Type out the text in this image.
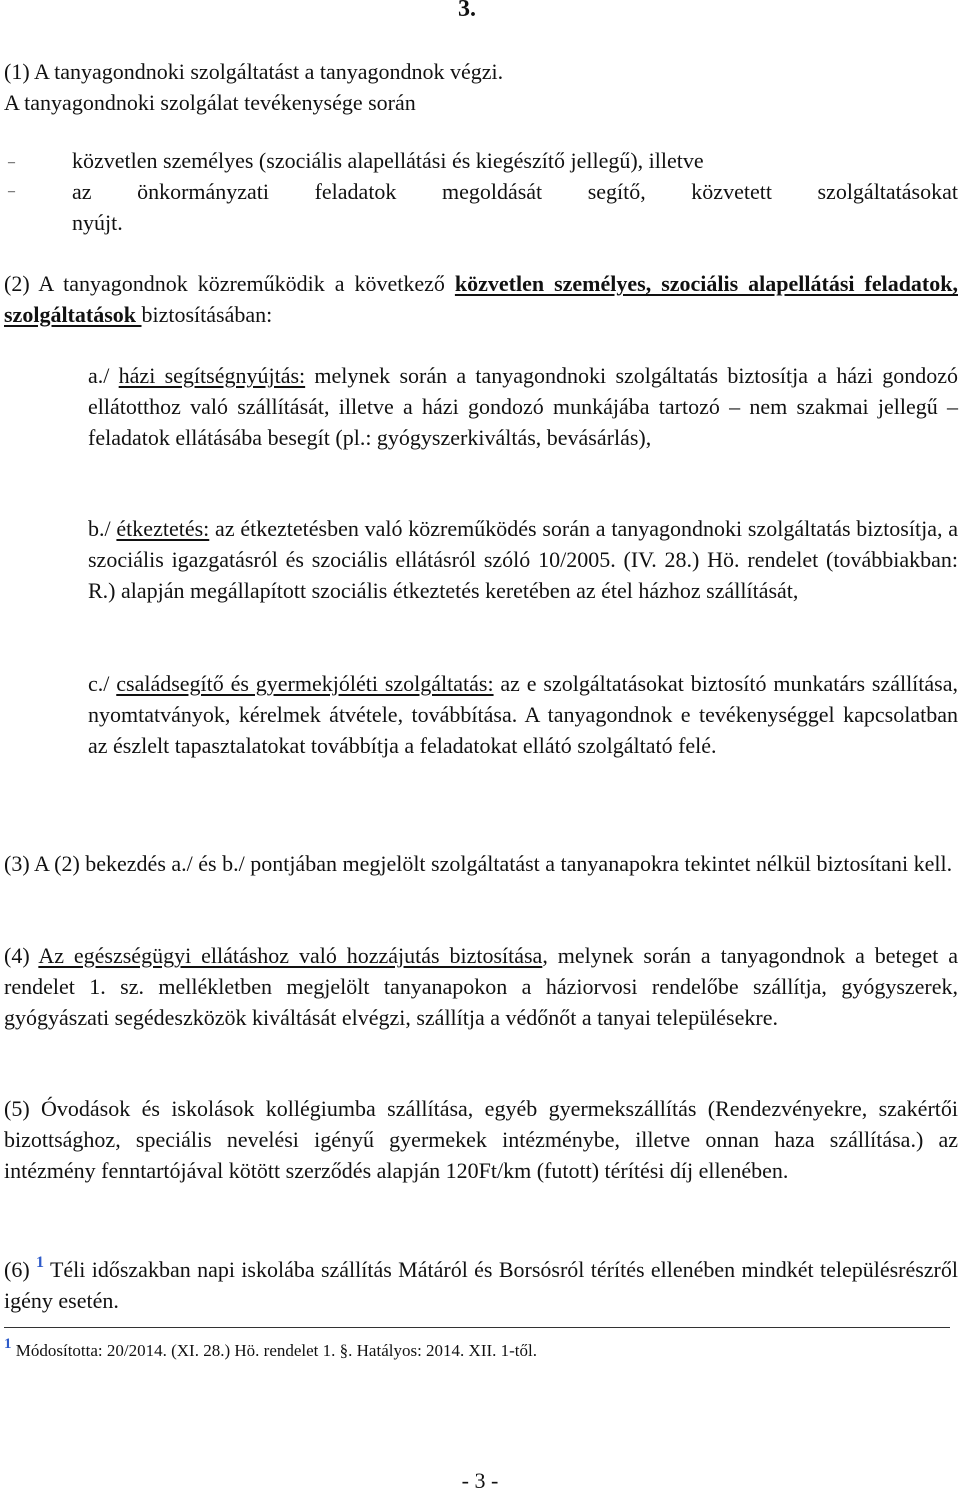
3.
(1) A tanyagondnoki szolgáltatást a tanyagondnok végzi.
A tanyagondnoki szolgálat tevékenysége során
–	közvetlen személyes (szociális alapellátási és kiegészítő jellegű), illetve
–	az önkormányzati feladatok megoldását segítő, közvetett szolgáltatásokat
nyújt.
(2) A tanyagondnok közreműködik a következő közvetlen személyes, szociális alapellátási feladatok, szolgáltatások biztosításában:
a./ házi segítségnyújtás: melynek során a tanyagondnoki szolgáltatás biztosítja a házi gondozó ellátotthoz való szállítását, illetve a házi gondozó munkájába tartozó – nem szakmai jellegű – feladatok ellátásába besegít (pl.: gyógyszerkiváltás, bevásárlás),
b./ étkeztetés: az étkeztetésben való közreműködés során a tanyagondnoki szolgáltatás biztosítja, a szociális igazgatásról és szociális ellátásról szóló 10/2005. (IV. 28.) Hö. rendelet (továbbiakban: R.) alapján megállapított szociális étkeztetés keretében az étel házhoz szállítását,
c./ családsegítő és gyermekjóléti szolgáltatás: az e szolgáltatásokat biztosító munkatárs szállítása, nyomtatványok, kérelmek átvétele, továbbítása. A tanyagondnok e tevékenységgel kapcsolatban az észlelt tapasztalatokat továbbítja a feladatokat ellátó szolgáltató felé.
(3) A (2) bekezdés a./ és b./ pontjában megjelölt szolgáltatást a tanyanapokra tekintet nélkül biztosítani kell.
(4) Az egészségügyi ellátáshoz való hozzájutás biztosítása, melynek során a tanyagondnok a beteget a rendelet 1. sz. mellékletben megjelölt tanyanapokon a háziorvosi rendelőbe szállítja, gyógyszerek, gyógyászati segédeszközök kiváltását elvégzi, szállítja a védőnőt a tanyai településekre.
(5) Óvodások és iskolások kollégiumba szállítása, egyéb gyermekszállítás (Rendezvényekre, szakértői bizottsághoz, speciális nevelési igényű gyermekek intézménybe, illetve onnan haza szállítása.) az intézmény fenntartójával kötött szerződés alapján 120Ft/km (futott) térítési díj ellenében.
(6) $^1$ Téli időszakban napi iskolába szállítás Mátáról és Borsósról térítés ellenében mindkét településrészről igény esetén.
1 Módosította: 20/2014. (XI. 28.) Hö. rendelet 1. §. Hatályos: 2014. XII. 1-től.
- 3 -
